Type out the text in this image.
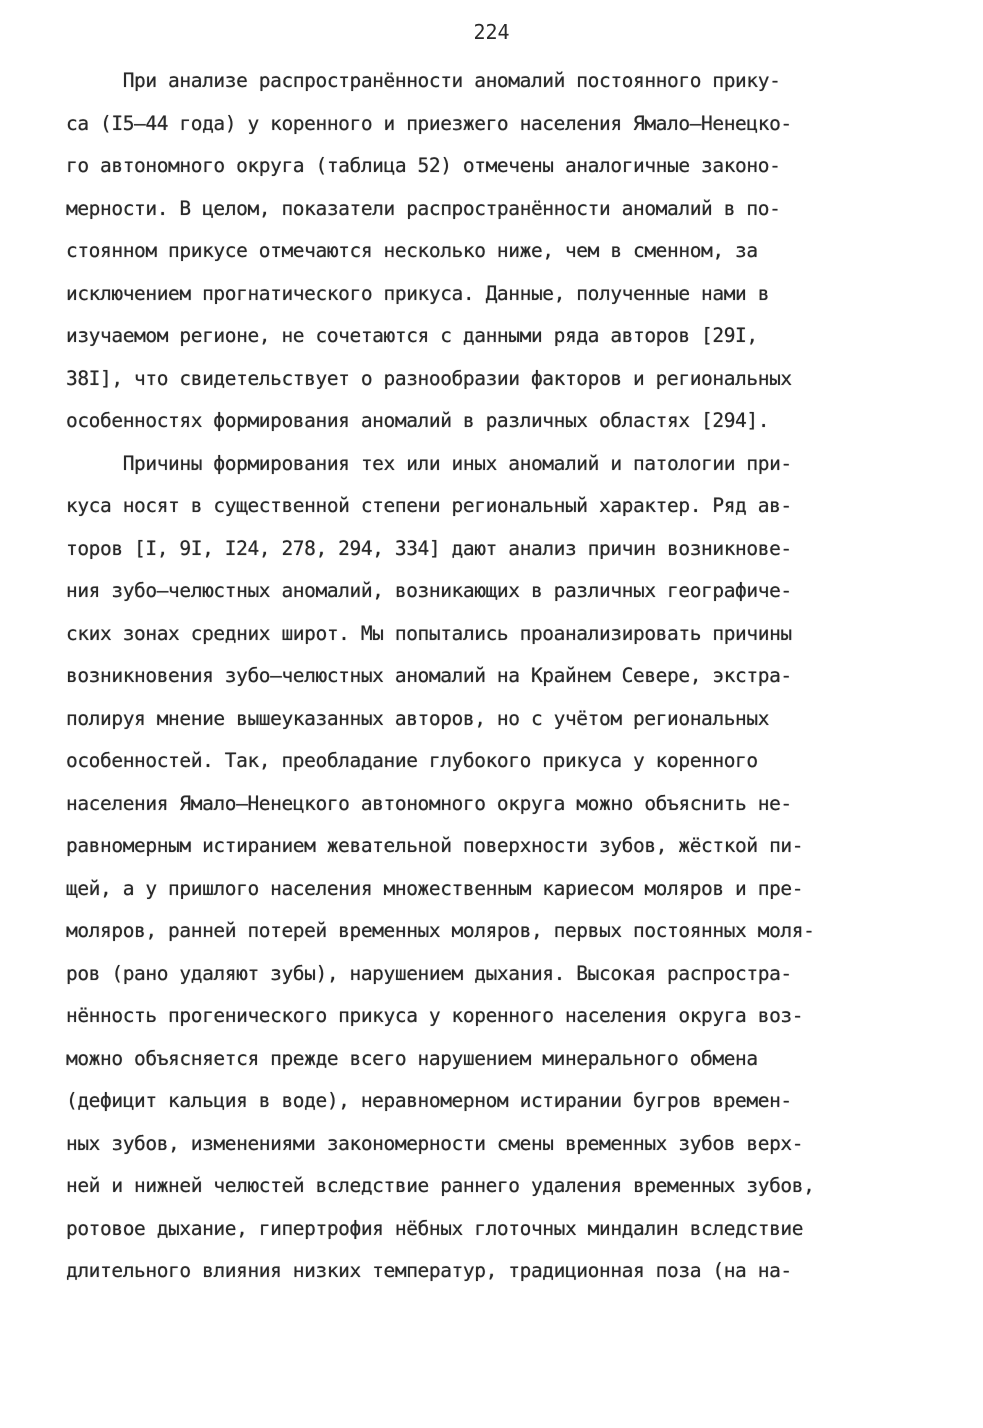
224
При анализе распространённости аномалий постоянного прику-
са (I5–44 года) у коренного и приезжего населения Ямало–Ненецко-
го автономного округа (таблица 52) отмечены аналогичные законо-
мерности. В целом, показатели распространённости аномалий в по-
стоянном прикусе отмечаются несколько ниже, чем в сменном, за
исключением прогнатического прикуса. Данные, полученные нами в
изучаемом регионе, не сочетаются с данными ряда авторов [29I,
38I], что свидетельствует о разнообразии факторов и региональных
особенностях формирования аномалий в различных областях [294].
Причины формирования тех или иных аномалий и патологии при-
куса носят в существенной степени региональный характер. Ряд ав-
торов [I, 9I, I24, 278, 294, 334] дают анализ причин возникнове-
ния зубо–челюстных аномалий, возникающих в различных географиче-
ских зонах средних широт. Мы попытались проанализировать причины
возникновения зубо–челюстных аномалий на Крайнем Севере, экстра-
полируя мнение вышеуказанных авторов, но с учётом региональных
особенностей. Так, преобладание глубокого прикуса у коренного
населения Ямало–Ненецкого автономного округа можно объяснить не-
равномерным истиранием жевательной поверхности зубов, жёсткой пи-
щей, а у пришлого населения множественным кариесом моляров и пре-
моляров, ранней потерей временных моляров, первых постоянных моля-
ров (рано удаляют зубы), нарушением дыхания. Высокая распростра-
нённость прогенического прикуса у коренного населения округа воз-
можно объясняется прежде всего нарушением минерального обмена
(дефицит кальция в воде), неравномерном истирании бугров времен-
ных зубов, изменениями закономерности смены временных зубов верх-
ней и нижней челюстей вследствие раннего удаления временных зубов,
ротовое дыхание, гипертрофия нёбных глоточных миндалин вследствие
длительного влияния низких температур, традиционная поза (на на-
